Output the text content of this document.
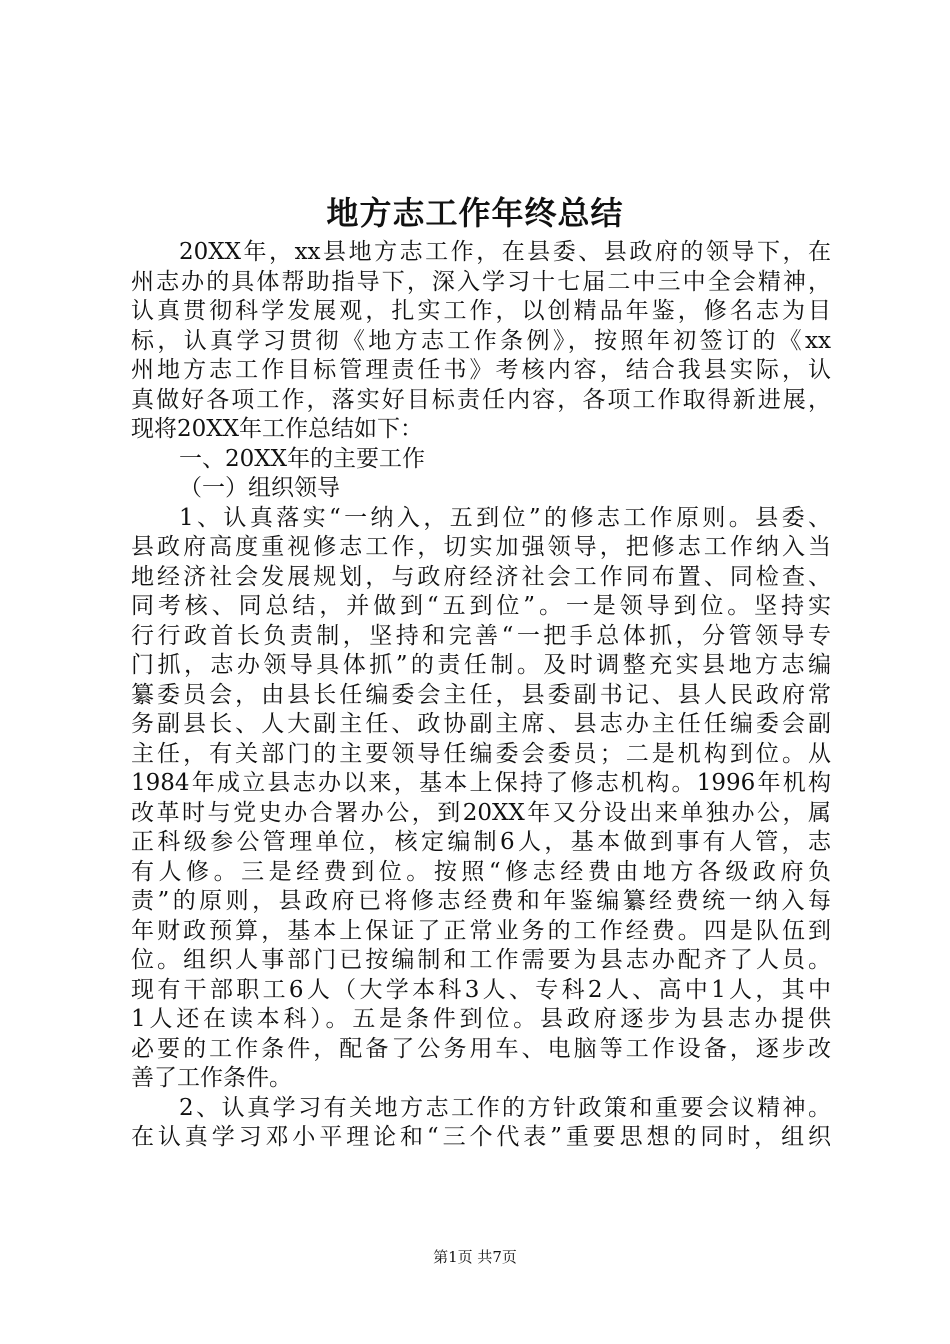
地方志工作年终总结
20XX年，xx县地方志工作，在县委、县政府的领导下，在
州志办的具体帮助指导下，深入学习十七届二中三中全会精神，
认真贯彻科学发展观，扎实工作，以创精品年鉴，修名志为目
标，认真学习贯彻《地方志工作条例》，按照年初签订的《xx
州地方志工作目标管理责任书》考核内容，结合我县实际，认
真做好各项工作，落实好目标责任内容，各项工作取得新进展，
现将20XX年工作总结如下：
一、20XX年的主要工作
（一）组织领导
1、认真落实“一纳入，五到位”的修志工作原则。县委、
县政府高度重视修志工作，切实加强领导，把修志工作纳入当
地经济社会发展规划，与政府经济社会工作同布置、同检查、
同考核、同总结，并做到“五到位”。一是领导到位。坚持实
行行政首长负责制，坚持和完善“一把手总体抓，分管领导专
门抓，志办领导具体抓”的责任制。及时调整充实县地方志编
纂委员会，由县长任编委会主任，县委副书记、县人民政府常
务副县长、人大副主任、政协副主席、县志办主任任编委会副
主任，有关部门的主要领导任编委会委员；二是机构到位。从
1984年成立县志办以来，基本上保持了修志机构。1996年机构
改革时与党史办合署办公，到20XX年又分设出来单独办公，属
正科级参公管理单位，核定编制6人，基本做到事有人管，志
有人修。三是经费到位。按照“修志经费由地方各级政府负
责”的原则，县政府已将修志经费和年鉴编纂经费统一纳入每
年财政预算，基本上保证了正常业务的工作经费。四是队伍到
位。组织人事部门已按编制和工作需要为县志办配齐了人员。
现有干部职工6人（大学本科3人、专科2人、高中1人，其中
1人还在读本科）。五是条件到位。县政府逐步为县志办提供
必要的工作条件，配备了公务用车、电脑等工作设备，逐步改
善了工作条件。
2、认真学习有关地方志工作的方针政策和重要会议精神。
在认真学习邓小平理论和“三个代表”重要思想的同时，组织
第1页 共7页
